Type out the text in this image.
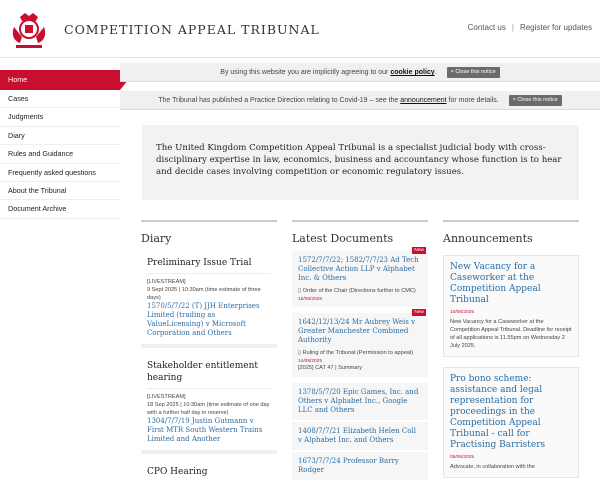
COMPETITION APPEAL TRIBUNAL	Contact us | Register for updates
Home
Cases
Judgments
Diary
Rules and Guidance
Frequently asked questions
About the Tribunal
Document Archive
By using this website you are implicitly agreeing to our cookie policy. × Close this notice
The Tribunal has published a Practice Direction relating to Covid-19 – see the announcement for more details.	× Close this notice
The United Kingdom Competition Appeal Tribunal is a specialist judicial body with cross-disciplinary expertise in law, economics, business and accountancy whose function is to hear and decide cases involving competition or economic regulatory issues.
Diary
Preliminary Issue Trial
[LIVESTREAM]
9 Sept 2025 | 10:30am (time estimate of three days)
1570/5/7/22 (T) JJH Enterprises Limited (trading as ValueLicensing) v Microsoft Corporation and Others
Stakeholder entitlement hearing
[LIVESTREAM]
18 Sep 2025 | 10:30am (time estimate of one day with a further half day in reserve)
1304/7/7/19 Justin Gutmann v First MTR South Western Trains Limited and Another
CPO Hearing
Latest Documents
New
1572/7/7/22; 1582/7/7/23 Ad Tech Collective Action LLP v Alphabet Inc. & Others
▯ Order of the Chair (Directions further to CMC)
15/08/2025
New
1642/12/13/24 Mr Aubrey Weis v Greater Manchester Combined Authority
▯ Ruling of the Tribunal (Permission to appeal)
14/08/2025
[2025] CAT 47 | Summary
1378/5/7/20 Epic Games, Inc. and Others v Alphabet Inc., Google LLC and Others
1408/7/7/21 Elizabeth Helen Coll v Alphabet Inc. and Others
1673/7/7/24 Professor Barry Rodger
Announcements
New Vacancy for a Caseworker at the Competition Appeal Tribunal
10/06/2025
New Vacancy for a Caseworker at the Competition Appeal Tribunal. Deadline for receipt of all applications is 11.55pm on Wednesday 2 July 2025.
Pro bono scheme: assistance and legal representation for proceedings in the Competition Appeal Tribunal - call for Practising Barristers
05/06/2025
Advocate, in collaboration with the
